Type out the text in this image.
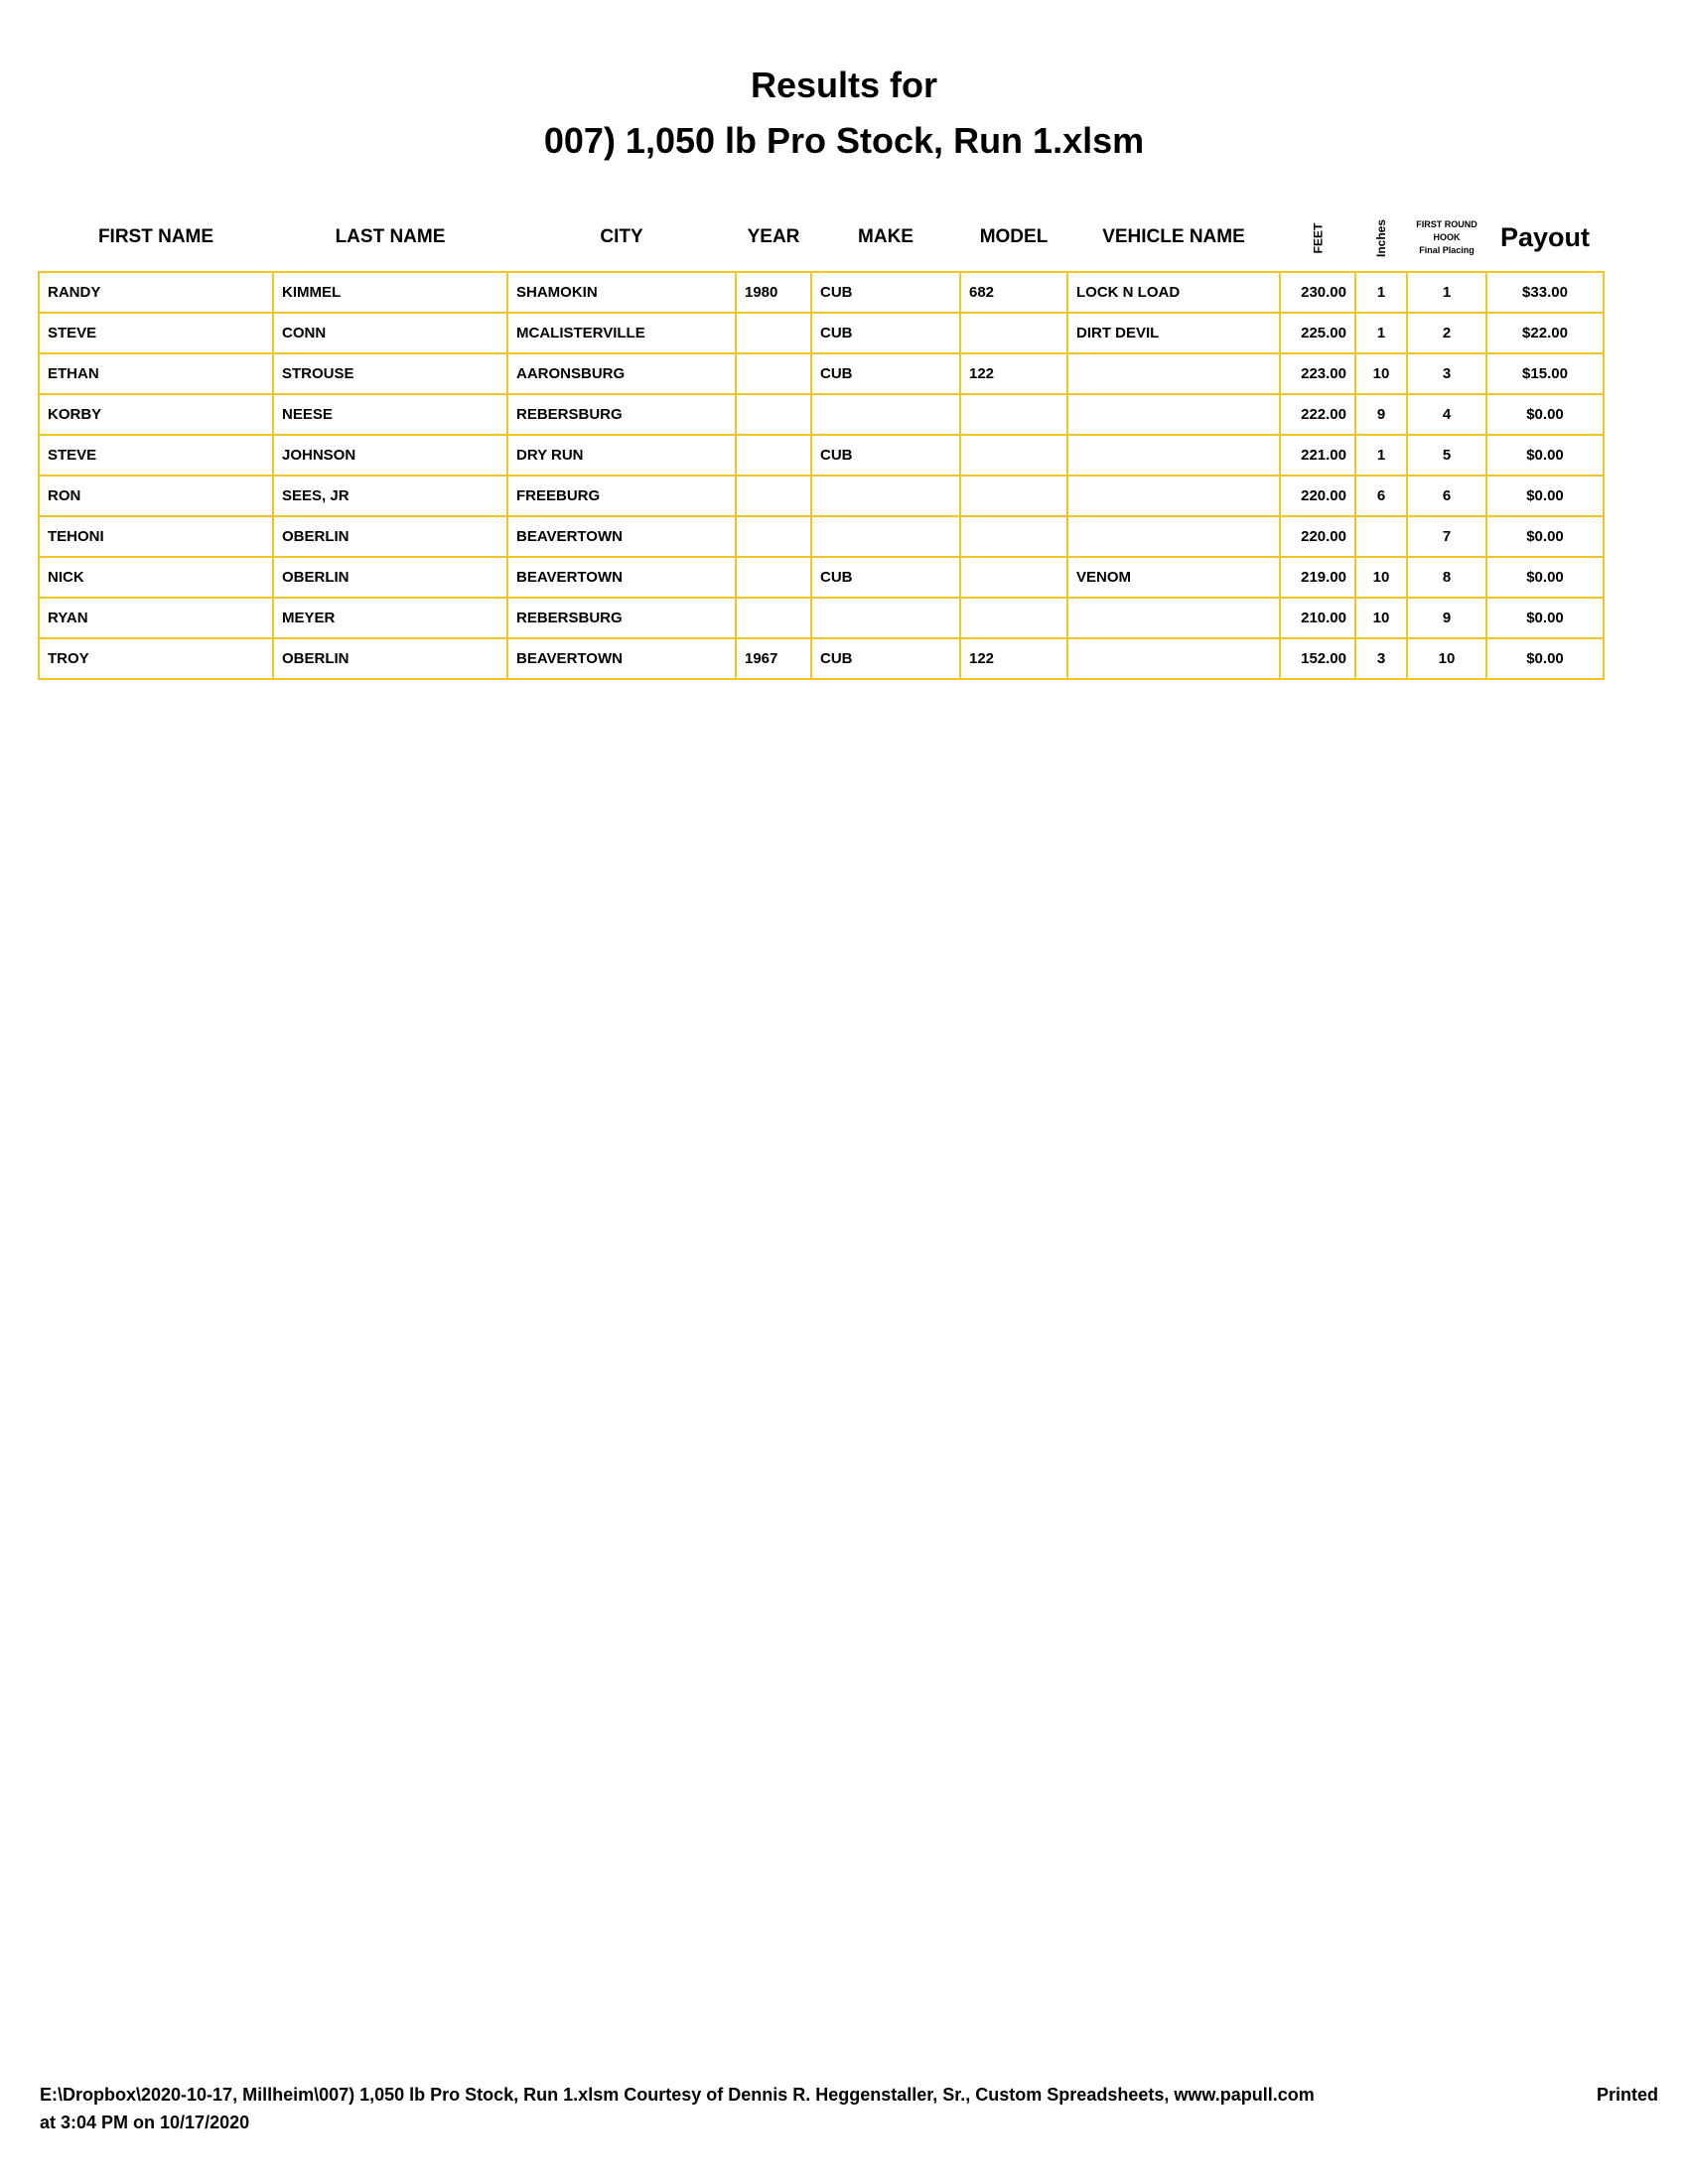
Results for
007) 1,050 lb Pro Stock, Run 1.xlsm
FIRST NAME	LAST NAME	CITY	YEAR	MAKE	MODEL	VEHICLE NAME	FEET	Inches	FIRST ROUND
HOOK
Final Placing	Payout
RANDY	KIMMEL	SHAMOKIN	1980	CUB	682	LOCK N LOAD	230.00	1	1	$33.00
STEVE	CONN	MCALISTERVILLE		CUB		DIRT DEVIL	225.00	1	2	$22.00
ETHAN	STROUSE	AARONSBURG		CUB	122		223.00	10	3	$15.00
KORBY	NEESE	REBERSBURG					222.00	9	4	$0.00
STEVE	JOHNSON	DRY RUN		CUB			221.00	1	5	$0.00
RON	SEES, JR	FREEBURG					220.00	6	6	$0.00
TEHONI	OBERLIN	BEAVERTOWN					220.00		7	$0.00
NICK	OBERLIN	BEAVERTOWN		CUB		VENOM	219.00	10	8	$0.00
RYAN	MEYER	REBERSBURG					210.00	10	9	$0.00
TROY	OBERLIN	BEAVERTOWN	1967	CUB	122		152.00	3	10	$0.00
E:\Dropbox\2020-10-17, Millheim\007) 1,050 lb Pro Stock, Run 1.xlsm Courtesy of Dennis R. Heggenstaller, Sr., Custom Spreadsheets, www.papull.com	Printed
at 3:04 PM on 10/17/2020
